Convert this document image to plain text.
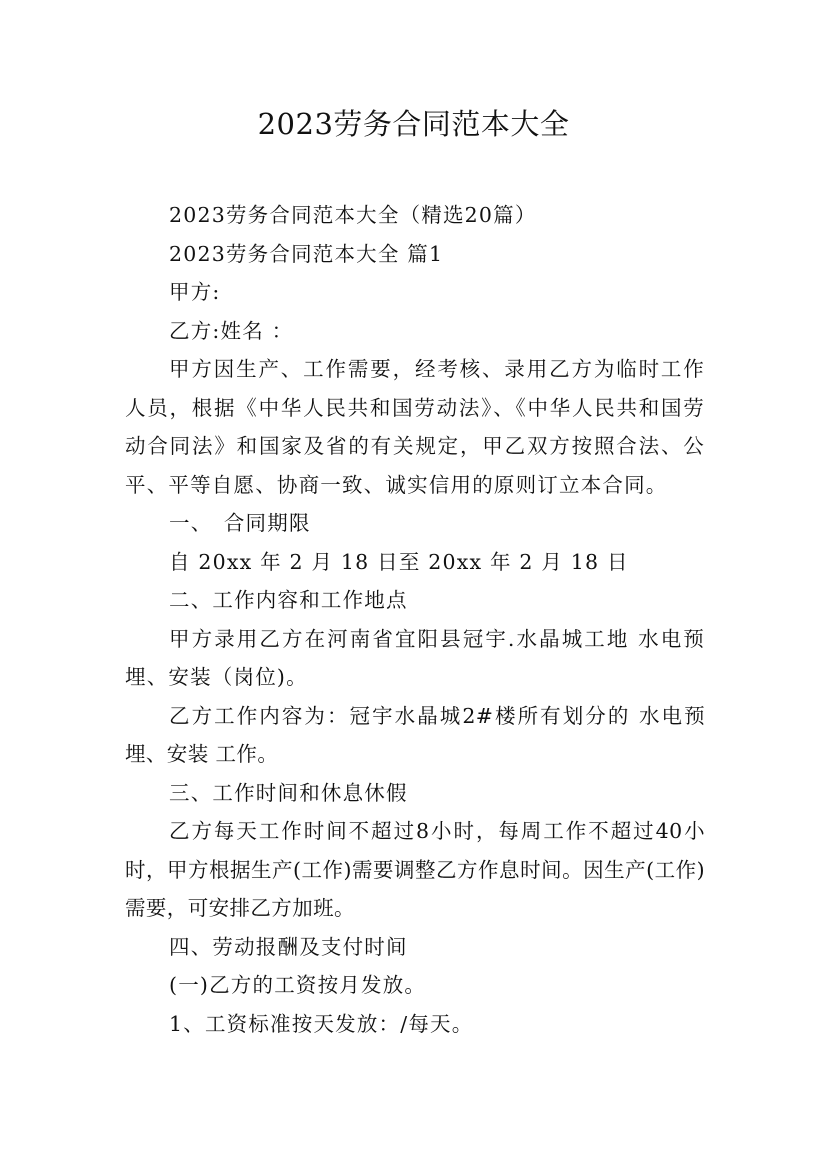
2023劳务合同范本大全

2023劳务合同范本大全（精选20篇）

2023劳务合同范本大全 篇1

甲方:

乙方:姓名 ：

甲方因生产、工作需要，经考核、录用乙方为临时工作人员，根据《中华人民共和国劳动法》、《中华人民共和国劳动合同法》和国家及省的有关规定，甲乙双方按照合法、公平、平等自愿、协商一致、诚实信用的原则订立本合同。

一、　合同期限

自 20xx 年 2 月 18 日至 20xx 年 2 月 18 日

二、工作内容和工作地点

甲方录用乙方在河南省宜阳县冠宇.水晶城工地 水电预埋、安装（岗位)。

乙方工作内容为：冠宇水晶城2#楼所有划分的 水电预埋、安装 工作。

三、工作时间和休息休假

乙方每天工作时间不超过8小时，每周工作不超过40小时，甲方根据生产(工作)需要调整乙方作息时间。因生产(工作)需要，可安排乙方加班。

四、劳动报酬及支付时间

(一)乙方的工资按月发放。

1、工资标准按天发放：/每天。
